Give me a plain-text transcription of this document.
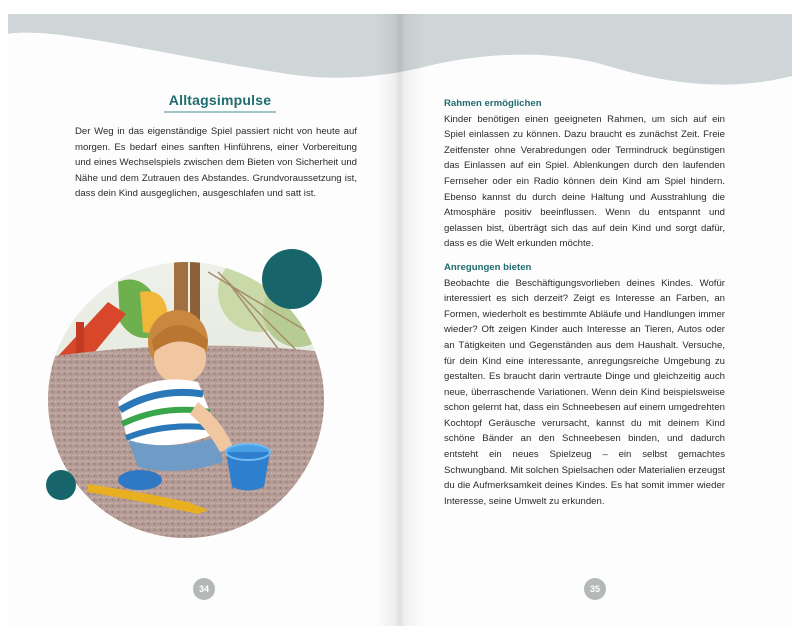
Alltagsimpulse
Der Weg in das eigenständige Spiel passiert nicht von heute auf morgen. Es bedarf eines sanften Hinführens, einer Vorbereitung und eines Wechselspiels zwischen dem Bieten von Sicherheit und Nähe und dem Zutrauen des Abstandes. Grundvoraussetzung ist, dass dein Kind ausgeglichen, ausgeschlafen und satt ist.
34
Rahmen ermöglichen
Kinder benötigen einen geeigneten Rahmen, um sich auf ein Spiel einlassen zu können. Dazu braucht es zunächst Zeit. Freie Zeitfenster ohne Verabredungen oder Termindruck begünstigen das Einlassen auf ein Spiel. Ablenkungen durch den laufenden Fernseher oder ein Radio können dein Kind am Spiel hindern. Ebenso kannst du durch deine Haltung und Ausstrahlung die Atmosphäre positiv beeinflussen. Wenn du entspannt und gelassen bist, überträgt sich das auf dein Kind und sorgt dafür, dass es die Welt erkunden möchte.
Anregungen bieten
Beobachte die Beschäftigungsvorlieben deines Kindes. Wofür interessiert es sich derzeit? Zeigt es Interesse an Farben, an Formen, wiederholt es bestimmte Abläufe und Handlungen immer wieder? Oft zeigen Kinder auch Interesse an Tieren, Autos oder an Tätigkeiten und Gegenständen aus dem Haushalt. Versuche, für dein Kind eine interessante, anregungsreiche Umgebung zu gestalten. Es braucht darin vertraute Dinge und gleichzeitig auch neue, überraschende Variationen. Wenn dein Kind beispielsweise schon gelernt hat, dass ein Schneebesen auf einem umgedrehten Kochtopf Geräusche verursacht, kannst du mit deinem Kind schöne Bänder an den Schneebesen binden, und dadurch entsteht ein neues Spielzeug – ein selbst gemachtes Schwungband. Mit solchen Spielsachen oder Materialien erzeugst du die Aufmerksamkeit deines Kindes. Es hat somit immer wieder Interesse, seine Umwelt zu erkunden.
35
